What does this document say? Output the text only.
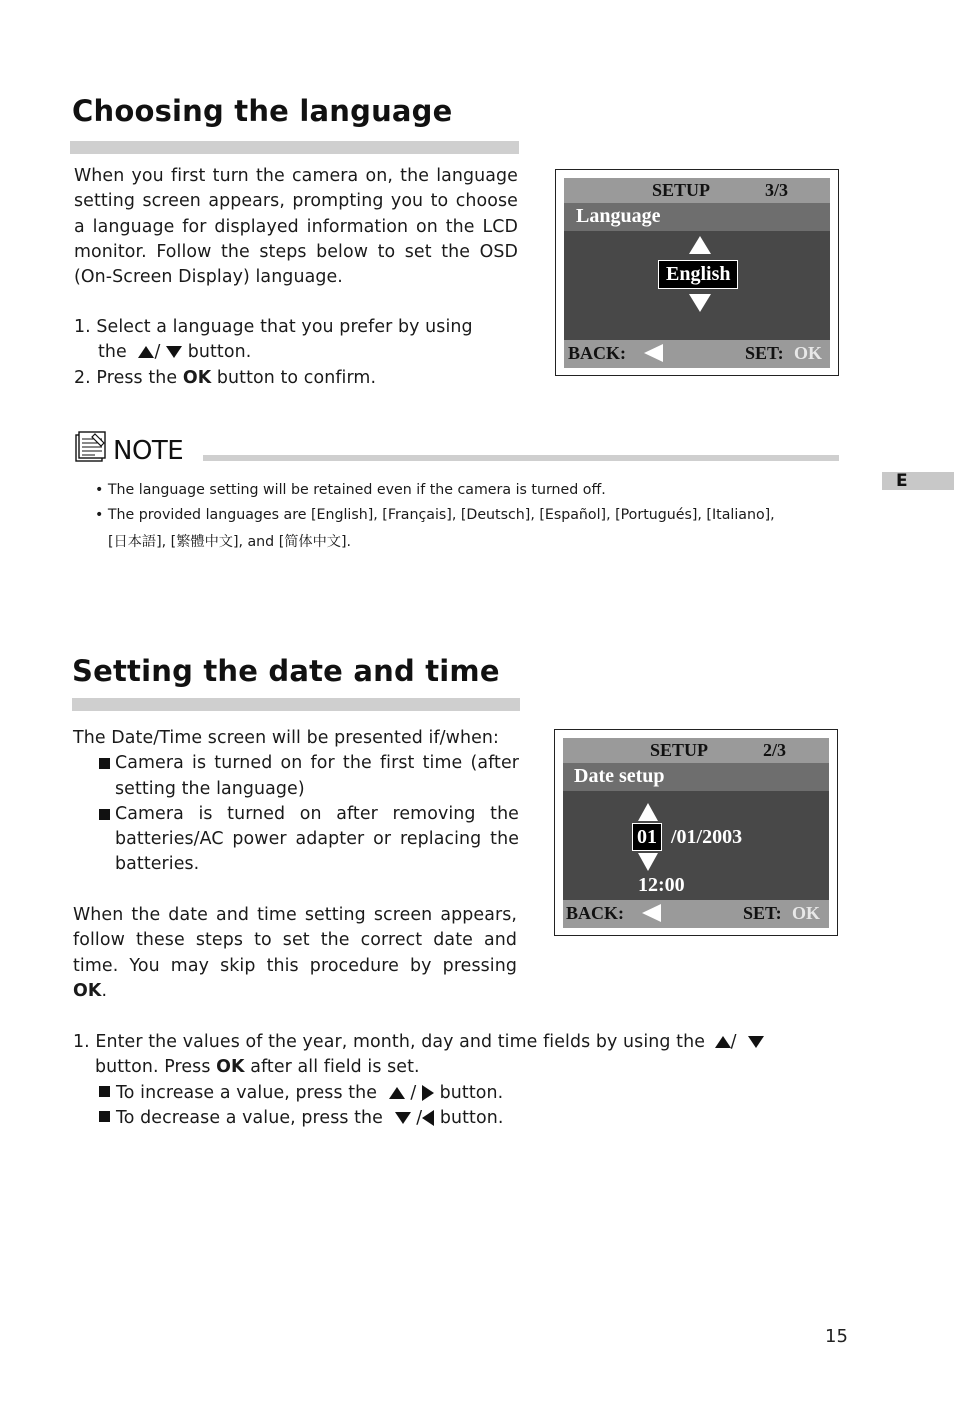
Choosing the language
When you first turn the camera on, the language setting screen appears, prompting you to choose a language for displayed information on the LCD monitor. Follow the steps below to set the OSD (On-Screen Display) language.
1. Select a language that you prefer by using
the / button.
2. Press the OK button to confirm.
SETUP	3/3
Language
English
BACK:	SET: OK
E
NOTE
• The language setting will be retained even if the camera is turned off.
• The provided languages are [English], [Français], [Deutsch], [Español], [Portugués], [Italiano],
[日本語], [繁體中文], and [简体中文].
Setting the date and time
The Date/Time screen will be presented if/when:
Camera is turned on for the first time (after setting the language)
Camera is turned on after removing the batteries/AC power adapter or replacing the batteries.
When the date and time setting screen appears, follow these steps to set the correct date and time. You may skip this procedure by pressing OK.
1. Enter the values of the year, month, day and time fields by using the /
button. Press OK after all field is set.
To increase a value, press the / button.
To decrease a value, press the / button.
SETUP	2/3
Date setup
01 /01/2003
12:00
BACK:	SET: OK
15
